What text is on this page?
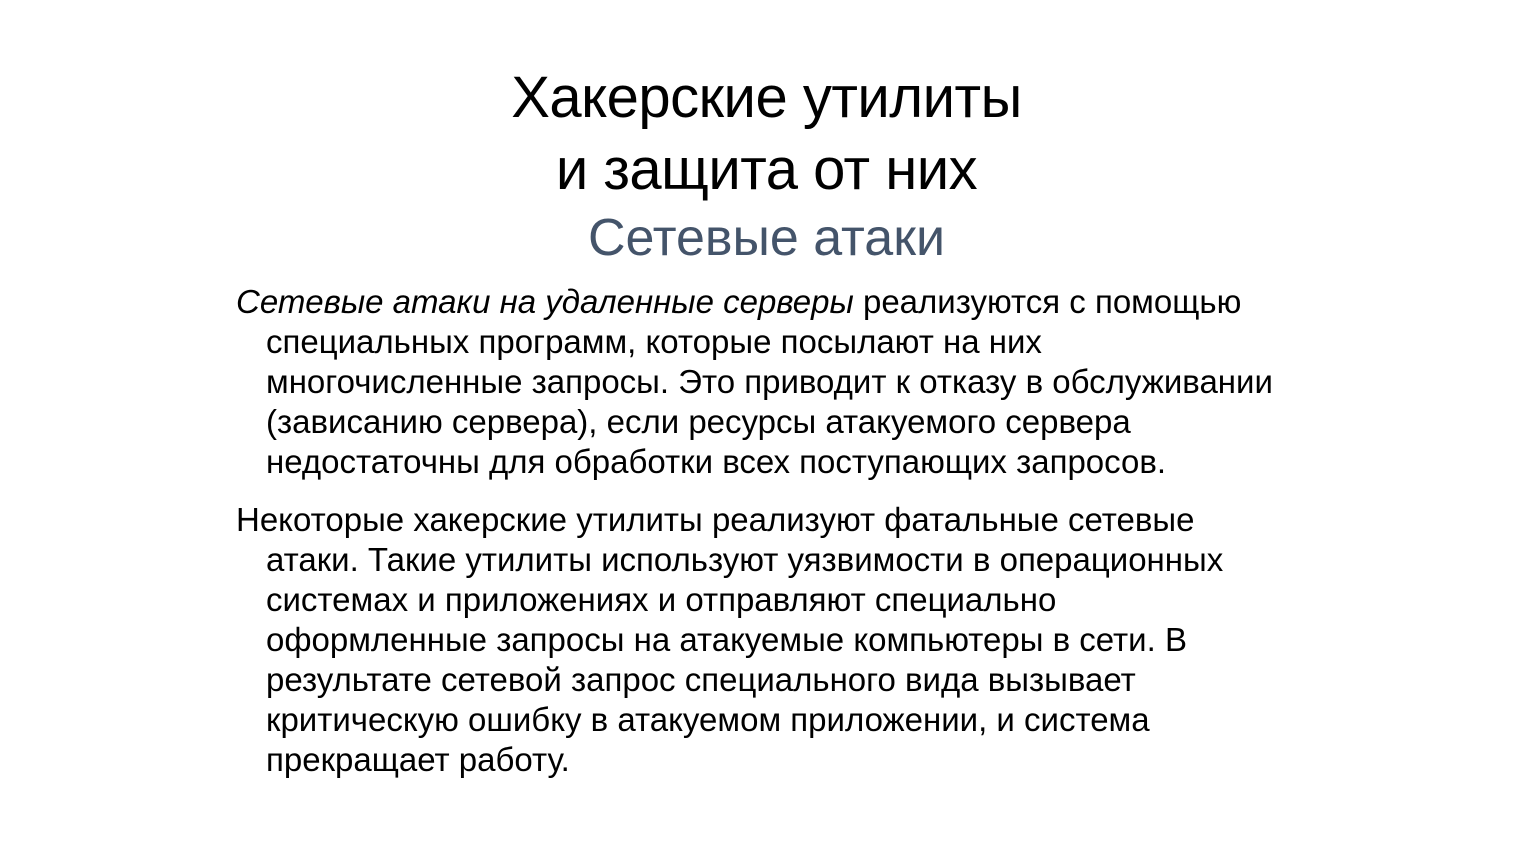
Хакерские утилиты
и защита от них
Сетевые атаки

Сетевые атаки на удаленные серверы реализуются с помощью специальных программ, которые посылают на них многочисленные запросы. Это приводит к отказу в обслуживании (зависанию сервера), если ресурсы атакуемого сервера недостаточны для обработки всех поступающих запросов.

Некоторые хакерские утилиты реализуют фатальные сетевые атаки. Такие утилиты используют уязвимости в операционных системах и приложениях и отправляют специально оформленные запросы на атакуемые компьютеры в сети. В результате сетевой запрос специального вида вызывает критическую ошибку в атакуемом приложении, и система прекращает работу.
